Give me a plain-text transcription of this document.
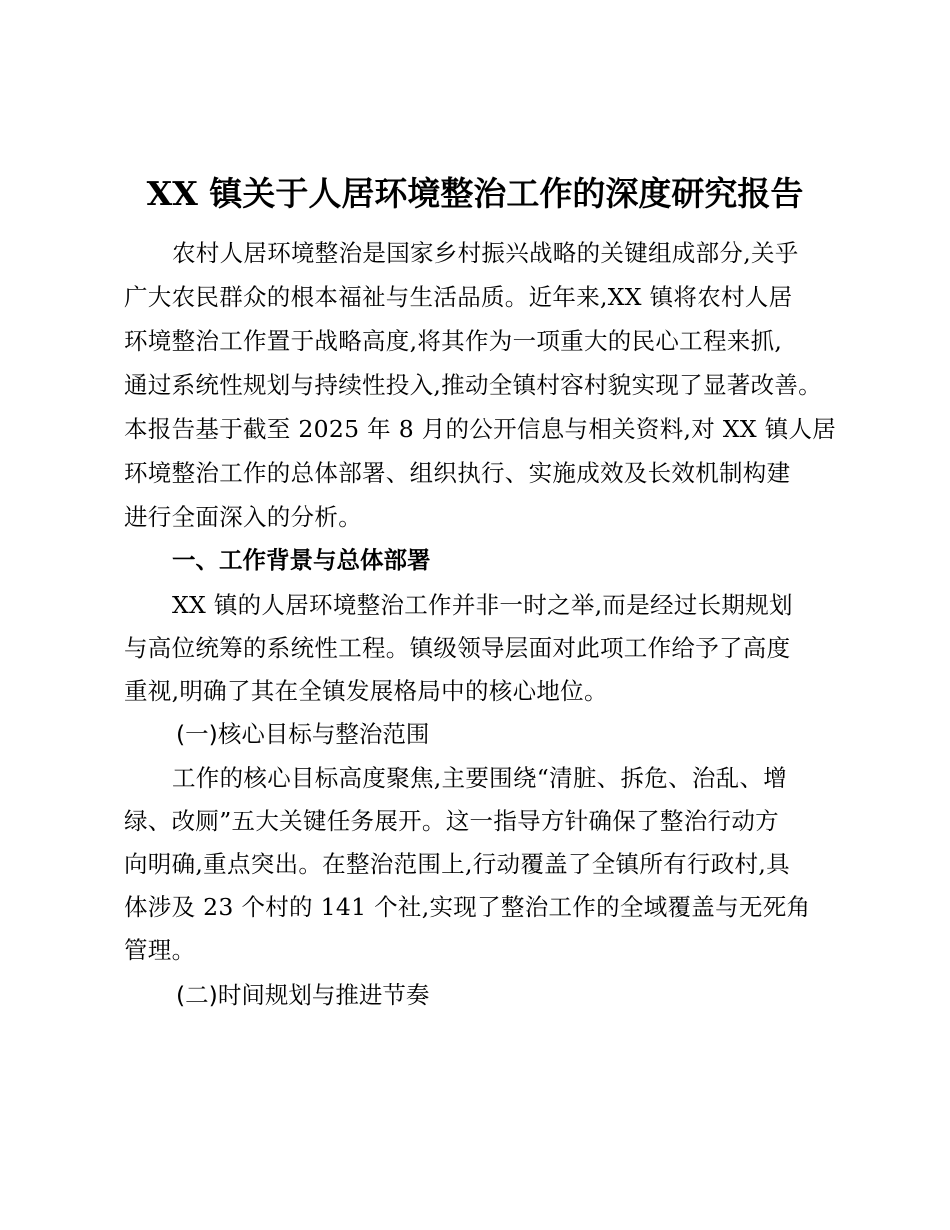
XX 镇关于人居环境整治工作的深度研究报告
农村人居环境整治是国家乡村振兴战略的关键组成部分,关乎
广大农民群众的根本福祉与生活品质。近年来,XX 镇将农村人居
环境整治工作置于战略高度,将其作为一项重大的民心工程来抓,
通过系统性规划与持续性投入,推动全镇村容村貌实现了显著改善。
本报告基于截至 2025 年 8 月的公开信息与相关资料,对 XX 镇人居
环境整治工作的总体部署、组织执行、实施成效及长效机制构建
进行全面深入的分析。
一、工作背景与总体部署
XX 镇的人居环境整治工作并非一时之举,而是经过长期规划
与高位统筹的系统性工程。镇级领导层面对此项工作给予了高度
重视,明确了其在全镇发展格局中的核心地位。
(一)核心目标与整治范围
工作的核心目标高度聚焦,主要围绕“清脏、拆危、治乱、增
绿、改厕”五大关键任务展开。这一指导方针确保了整治行动方
向明确,重点突出。在整治范围上,行动覆盖了全镇所有行政村,具
体涉及 23 个村的 141 个社,实现了整治工作的全域覆盖与无死角
管理。
(二)时间规划与推进节奏
